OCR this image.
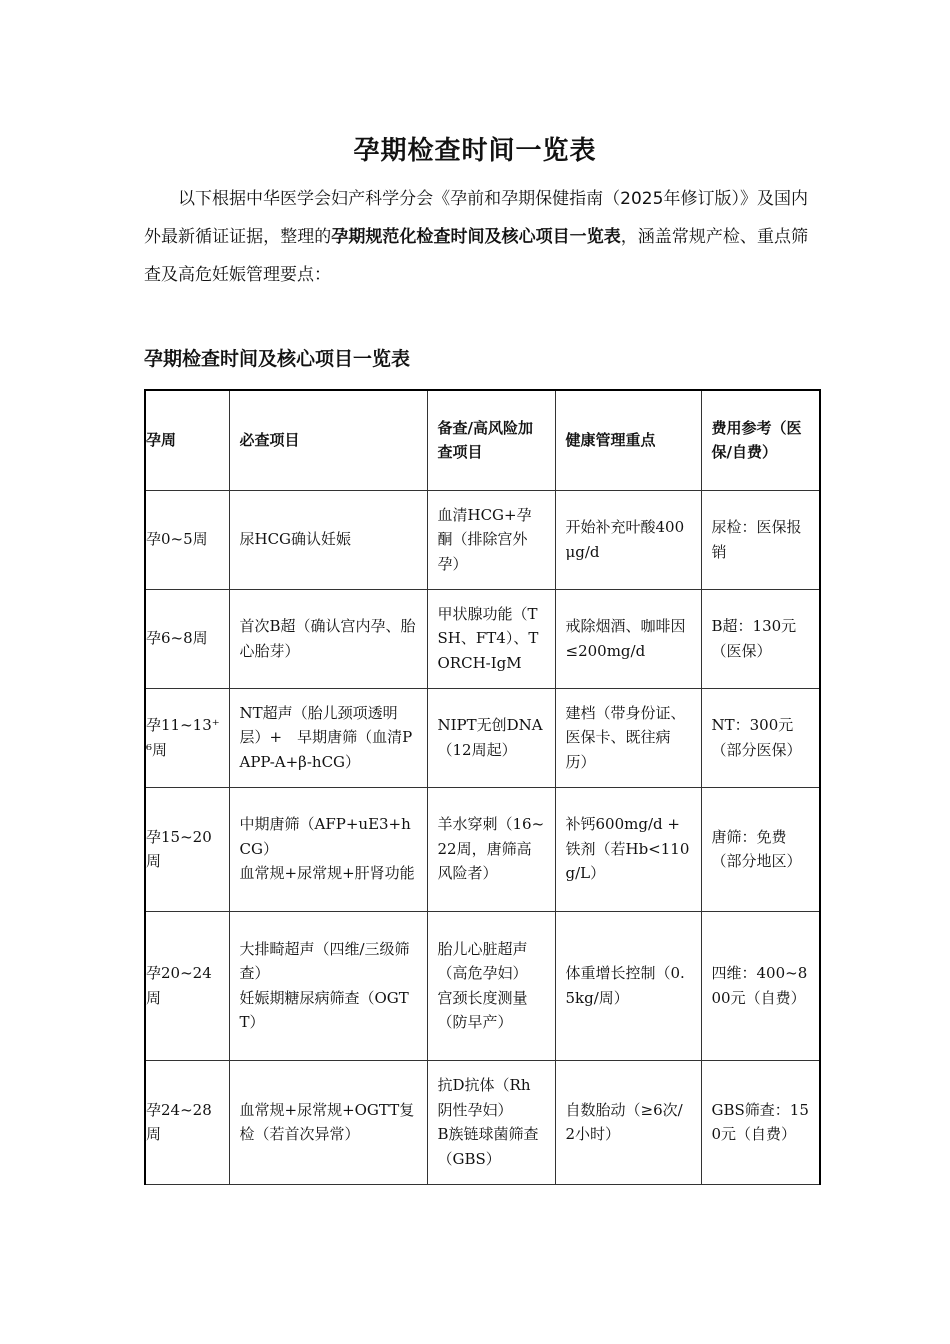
孕期检查时间一览表

以下根据中华医学会妇产科学分会《孕前和孕期保健指南（2025年修订版）》及国内外最新循证证据，整理的孕期规范化检查时间及核心项目一览表，涵盖常规产检、重点筛查及高危妊娠管理要点：

孕期检查时间及核心项目一览表
孕周	必查项目	备查/高风险加查项目	健康管理重点	费用参考（医保/自费）
孕0~5周	尿HCG确认妊娠	血清HCG+孕酮（排除宫外孕）	开始补充叶酸400μg/d	尿检：医保报销

孕6~8周	首次B超（确认宫内孕、胎心胎芽）	甲状腺功能（TSH、FT4）、TORCH-IgM	戒除烟酒、咖啡因≤200mg/d	B超：130元（医保）

孕11~13⁺⁶周	NT超声（胎儿颈项透明层）+　早期唐筛（血清PAPP-A+β-hCG）	NIPT无创DNA（12周起）	建档（带身份证、医保卡、既往病历）	NT：300元（部分医保）

孕15~20周	中期唐筛（AFP+uE3+hCG）
血常规+尿常规+肝肾功能	羊水穿刺（16~22周，唐筛高风险者）	补钙600mg/d + 铁剂（若Hb<110g/L）	唐筛：免费（部分地区）

孕20~24周	大排畸超声（四维/三级筛查）
妊娠期糖尿病筛查（OGTT）	胎儿心脏超声（高危孕妇）
宫颈长度测量（防早产）	体重增长控制（0.5kg/周）	四维：400~800元（自费）

孕24~28周	血常规+尿常规+OGTT复检（若首次异常）	抗D抗体（Rh阴性孕妇）
B族链球菌筛查（GBS）	自数胎动（≥6次/2小时）	GBS筛查：150元（自费）
